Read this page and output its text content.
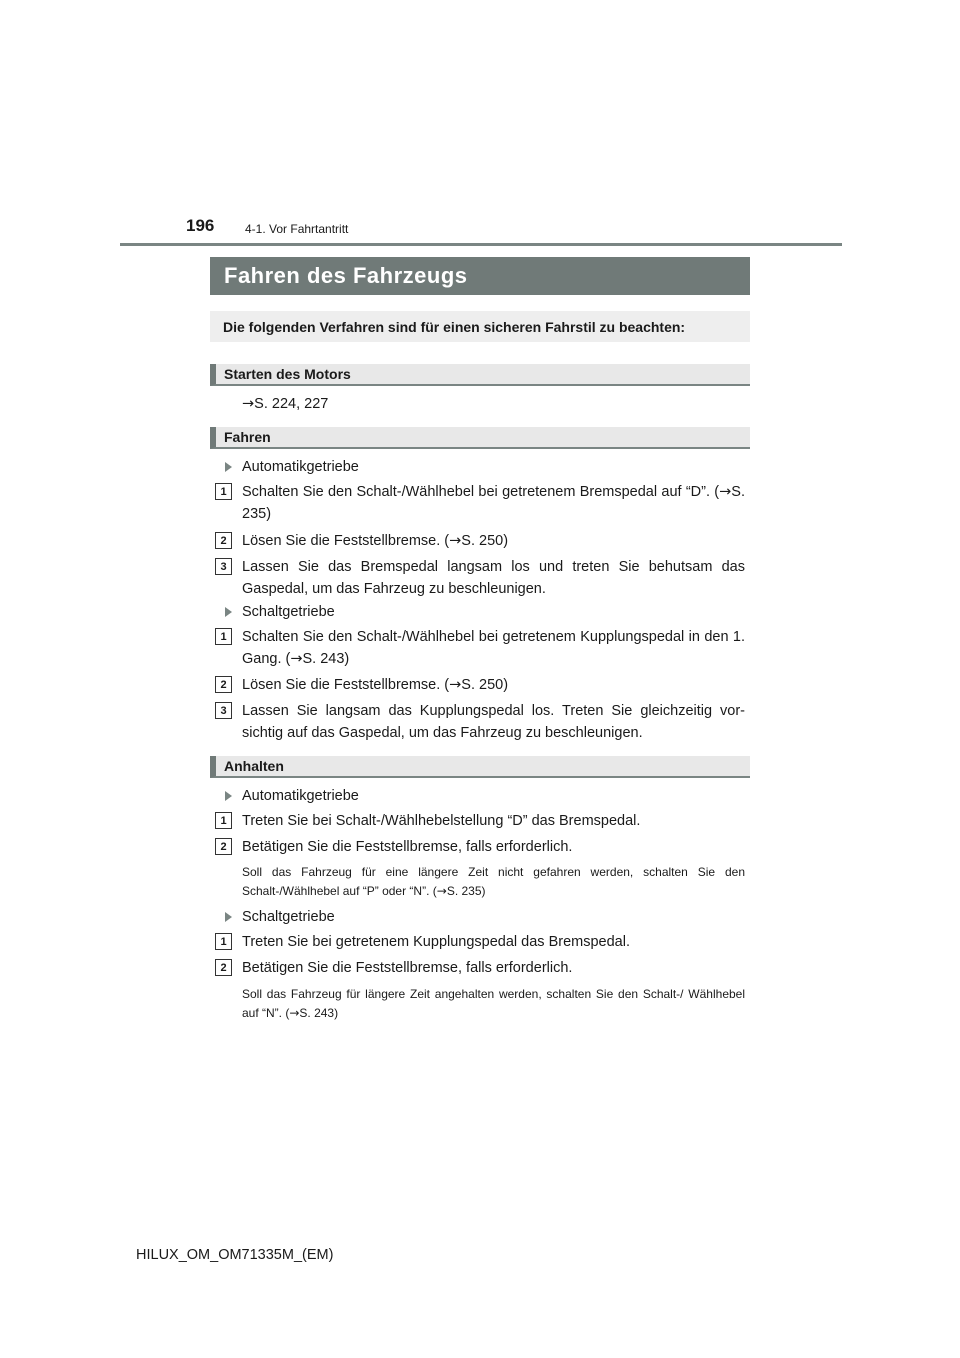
196	4-1. Vor Fahrtantritt
Fahren des Fahrzeugs
Die folgenden Verfahren sind für einen sicheren Fahrstil zu beachten:
Starten des Motors
→S. 224, 227
Fahren
Automatikgetriebe
1	Schalten Sie den Schalt-/Wählhebel bei getretenem Bremspedal auf “D”. (→S. 235)
2	Lösen Sie die Feststellbremse. (→S. 250)
3	Lassen Sie das Bremspedal langsam los und treten Sie behutsam das Gaspedal, um das Fahrzeug zu beschleunigen.
Schaltgetriebe
1	Schalten Sie den Schalt-/Wählhebel bei getretenem Kupplungspedal in den 1. Gang. (→S. 243)
2	Lösen Sie die Feststellbremse. (→S. 250)
3	Lassen Sie langsam das Kupplungspedal los. Treten Sie gleichzeitig vor-sichtig auf das Gaspedal, um das Fahrzeug zu beschleunigen.
Anhalten
Automatikgetriebe
1	Treten Sie bei Schalt-/Wählhebelstellung “D” das Bremspedal.
2	Betätigen Sie die Feststellbremse, falls erforderlich.
Soll das Fahrzeug für eine längere Zeit nicht gefahren werden, schalten Sie den Schalt-/Wählhebel auf “P” oder “N”. (→S. 235)
Schaltgetriebe
1	Treten Sie bei getretenem Kupplungspedal das Bremspedal.
2	Betätigen Sie die Feststellbremse, falls erforderlich.
Soll das Fahrzeug für längere Zeit angehalten werden, schalten Sie den Schalt-/ Wählhebel auf “N”. (→S. 243)
HILUX_OM_OM71335M_(EM)
